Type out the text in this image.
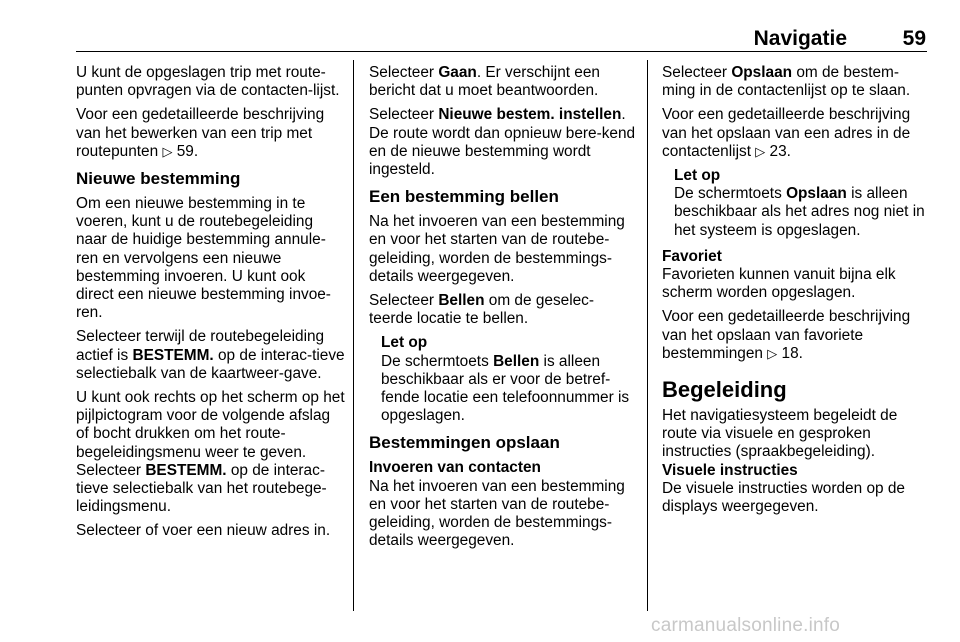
Navigatie	59

U kunt de opgeslagen trip met route-punten opvragen via de contacten-lijst.

Voor een gedetailleerde beschrijving van het bewerken van een trip met routepunten ▷ 59.

Nieuwe bestemming

Om een nieuwe bestemming in te voeren, kunt u de routebegeleiding naar de huidige bestemming annule-ren en vervolgens een nieuwe bestemming invoeren. U kunt ook direct een nieuwe bestemming invoe-ren.

Selecteer terwijl de routebegeleiding actief is BESTEMM. op de interac-tieve selectiebalk van de kaartweer-gave.

U kunt ook rechts op het scherm op het pijlpictogram voor de volgende afslag of bocht drukken om het route-begeleidingsmenu weer te geven.

Selecteer BESTEMM. op de interac-tieve selectiebalk van het routebege-leidingsmenu.

Selecteer of voer een nieuw adres in.

Selecteer Gaan. Er verschijnt een bericht dat u moet beantwoorden.

Selecteer Nieuwe bestem. instellen. De route wordt dan opnieuw bere-kend en de nieuwe bestemming wordt ingesteld.

Een bestemming bellen

Na het invoeren van een bestemming en voor het starten van de routebe-geleiding, worden de bestemmings-details weergegeven.

Selecteer Bellen om de geselec-teerde locatie te bellen.

Let op
De schermtoets Bellen is alleen beschikbaar als er voor de betref-fende locatie een telefoonnummer is opgeslagen.
Bestemmingen opslaan
Invoeren van contacten

Na het invoeren van een bestemming en voor het starten van de routebe-geleiding, worden de bestemmings-details weergegeven.

Selecteer Opslaan om de bestem-ming in de contactenlijst op te slaan.

Voor een gedetailleerde beschrijving van het opslaan van een adres in de contactenlijst ▷ 23.

Let op
De schermtoets Opslaan is alleen beschikbaar als het adres nog niet in het systeem is opgeslagen.
Favoriet

Favorieten kunnen vanuit bijna elk scherm worden opgeslagen.

Voor een gedetailleerde beschrijving van het opslaan van favoriete bestemmingen ▷ 18.

Begeleiding

Het navigatiesysteem begeleidt de route via visuele en gesproken instructies (spraakbegeleiding).

Visuele instructies

De visuele instructies worden op de displays weergegeven.

carmanualsonline.info
